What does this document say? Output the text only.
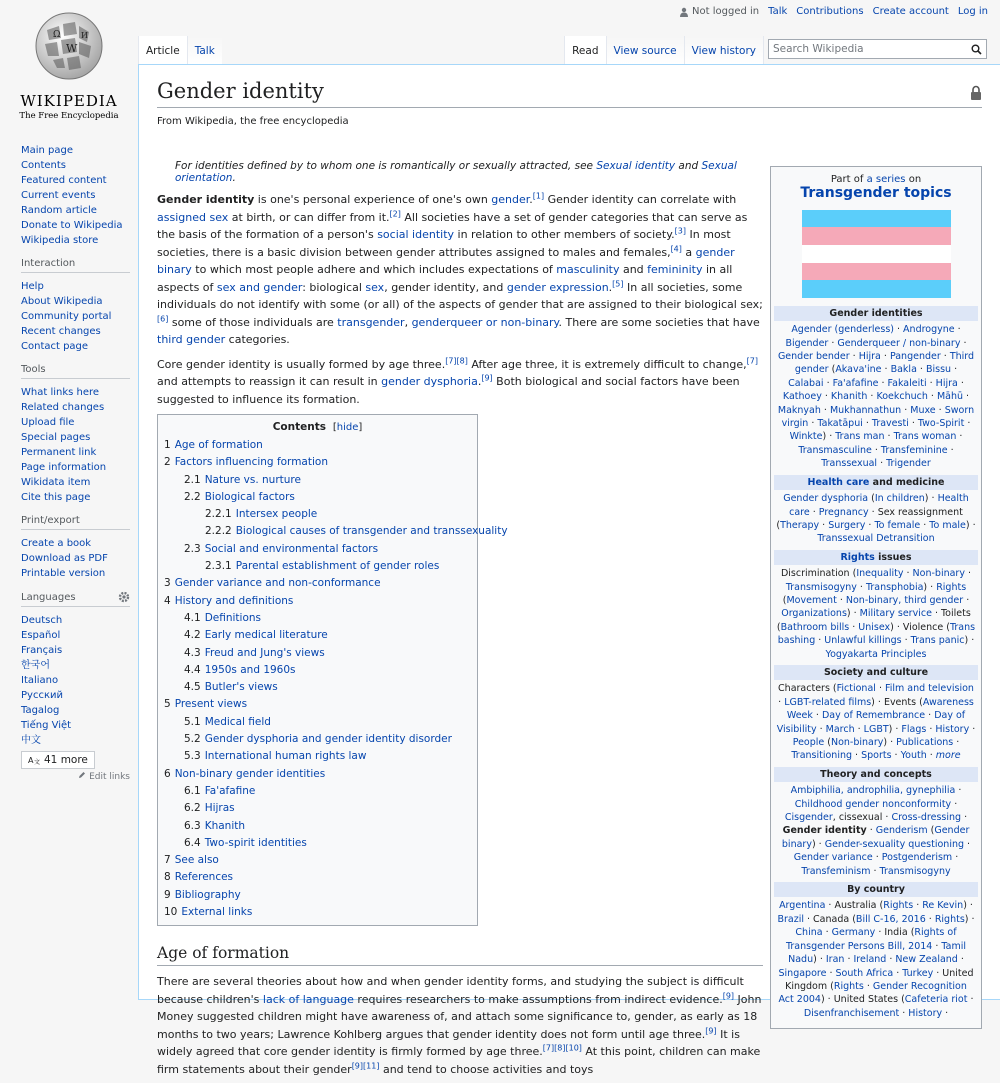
Not logged in Talk Contributions Create account Log in
Ω
W
И
WIKIPEDIA
The Free Encyclopedia
Main page
Contents
Featured content
Current events
Random article
Donate to Wikipedia
Wikipedia store
Interaction
Help
About Wikipedia
Community portal
Recent changes
Contact page
Tools
What links here
Related changes
Upload file
Special pages
Permanent link
Page information
Wikidata item
Cite this page
Print/export
Create a book
Download as PDF
Printable version
Languages
Deutsch
Español
Français
한국어
Italiano
Русский
Tagalog
Tiếng Việt
中文
A 文 41 more
Edit links
Article Talk	Read View source View history Search Wikipedia
Gender identity
From Wikipedia, the free encyclopedia
For identities defined by to whom one is romantically or sexually attracted, see Sexual identity and Sexual orientation.

Gender identity is one's personal experience of one's own gender.[1] Gender identity can correlate with assigned sex at birth, or can differ from it.[2] All societies have a set of gender categories that can serve as the basis of the formation of a person's social identity in relation to other members of society.[3] In most societies, there is a basic division between gender attributes assigned to males and females,[4] a gender binary to which most people adhere and which includes expectations of masculinity and femininity in all aspects of sex and gender: biological sex, gender identity, and gender expression.[5] In all societies, some individuals do not identify with some (or all) of the aspects of gender that are assigned to their biological sex;[6] some of those individuals are transgender, genderqueer or non-binary. There are some societies that have third gender categories.

Core gender identity is usually formed by age three.[7][8] After age three, it is extremely difficult to change,[7] and attempts to reassign it can result in gender dysphoria.[9] Both biological and social factors have been suggested to influence its formation.

Contents  [hide]
1 Age of formation
2 Factors influencing formation
2.1 Nature vs. nurture
2.2 Biological factors
2.2.1 Intersex people
2.2.2 Biological causes of transgender and transsexuality
2.3 Social and environmental factors
2.3.1 Parental establishment of gender roles
3 Gender variance and non-conformance
4 History and definitions
4.1 Definitions
4.2 Early medical literature
4.3 Freud and Jung's views
4.4 1950s and 1960s
4.5 Butler's views
5 Present views
5.1 Medical field
5.2 Gender dysphoria and gender identity disorder
5.3 International human rights law
6 Non-binary gender identities
6.1 Fa'afafine
6.2 Hijras
6.3 Khanith
6.4 Two-spirit identities
7 See also
8 References
9 Bibliography
10 External links
Age of formation

There are several theories about how and when gender identity forms, and studying the subject is difficult because children's lack of language requires researchers to make assumptions from indirect evidence.[9] John Money suggested children might have awareness of, and attach some significance to, gender, as early as 18 months to two years; Lawrence Kohlberg argues that gender identity does not form until age three.[9] It is widely agreed that core gender identity is firmly formed by age three.[7][8][10] At this point, children can make firm statements about their gender[9][11] and tend to choose activities and toys

Part of a series on
Transgender topics
Gender identities
Agender (genderless) · Androgyne · Bigender · Genderqueer / non-binary · Gender bender · Hijra · Pangender · Third gender (Akava'ine · Bakla · Bissu · Calabai · Fa'afafine · Fakaleiti · Hijra · Kathoey · Khanith · Koekchuch · Māhū · Maknyah · Mukhannathun · Muxe · Sworn virgin · Takatāpui · Travesti · Two-Spirit · Winkte) · Trans man · Trans woman · Transmasculine · Transfeminine · Transsexual · Trigender
Health care and medicine
Gender dysphoria (In children) · Health care · Pregnancy · Sex reassignment (Therapy · Surgery · To female · To male) · Transsexual Detransition
Rights issues
Discrimination (Inequality · Non-binary · Transmisogyny · Transphobia) · Rights (Movement · Non-binary, third gender · Organizations) · Military service · Toilets (Bathroom bills · Unisex) · Violence (Trans bashing · Unlawful killings · Trans panic) · Yogyakarta Principles
Society and culture
Characters (Fictional · Film and television · LGBT-related films) · Events (Awareness Week · Day of Remembrance · Day of Visibility · March · LGBT) · Flags · History · People (Non-binary) · Publications · Transitioning · Sports · Youth · more
Theory and concepts
Ambiphilia, androphilia, gynephilia · Childhood gender nonconformity · Cisgender, cissexual · Cross-dressing · Gender identity · Genderism (Gender binary) · Gender-sexuality questioning · Gender variance · Postgenderism · Transfeminism · Transmisogyny
By country
Argentina · Australia (Rights · Re Kevin) · Brazil · Canada (Bill C-16, 2016 · Rights) · China · Germany · India (Rights of Transgender Persons Bill, 2014 · Tamil Nadu) · Iran · Ireland · New Zealand · Singapore · South Africa · Turkey · United Kingdom (Rights · Gender Recognition Act 2004) · United States (Cafeteria riot · Disenfranchisement · History ·
